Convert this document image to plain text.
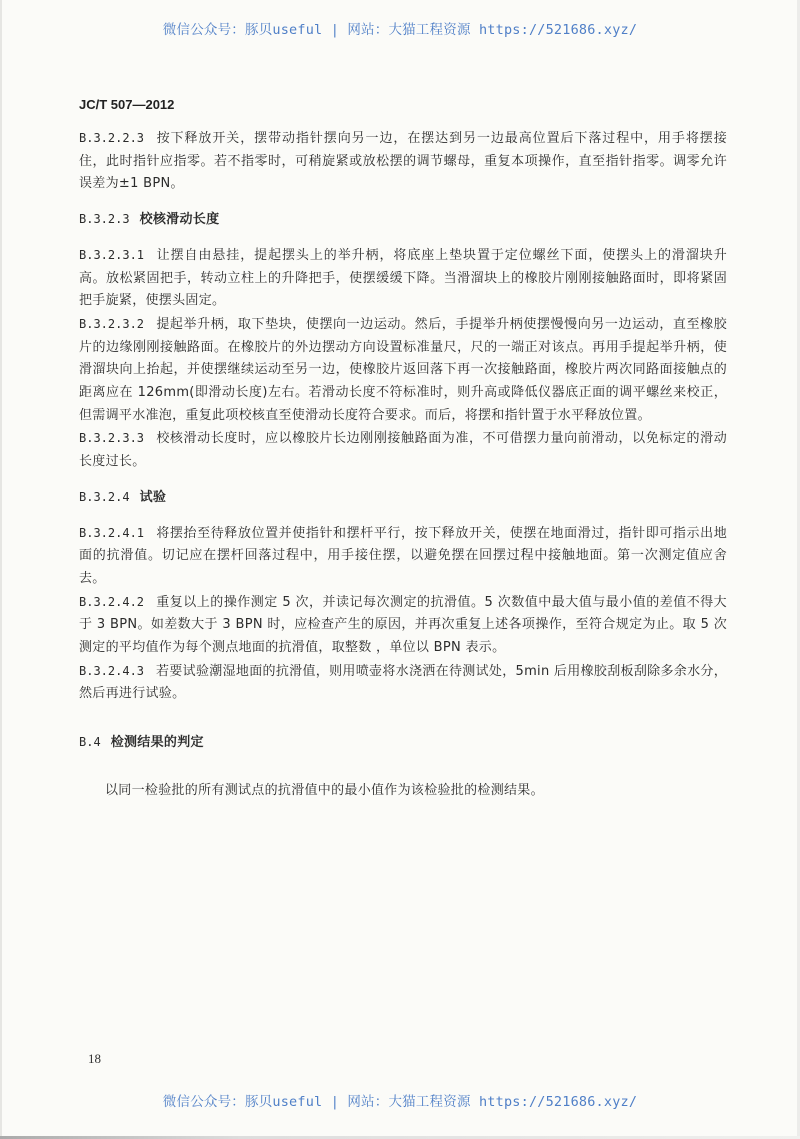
微信公众号：豚贝useful | 网站：大猫工程资源 https://521686.xyz/
JC/T 507—2012

B.3.2.2.3 按下释放开关，摆带动指针摆向另一边，在摆达到另一边最高位置后下落过程中，用手将摆接住，此时指针应指零。若不指零时，可稍旋紧或放松摆的调节螺母，重复本项操作，直至指针指零。调零允许误差为±1 BPN。

B.3.2.3 校核滑动长度

B.3.2.3.1 让摆自由悬挂，提起摆头上的举升柄，将底座上垫块置于定位螺丝下面，使摆头上的滑溜块升高。放松紧固把手，转动立柱上的升降把手，使摆缓缓下降。当滑溜块上的橡胶片刚刚接触路面时，即将紧固把手旋紧，使摆头固定。

B.3.2.3.2 提起举升柄，取下垫块，使摆向一边运动。然后，手提举升柄使摆慢慢向另一边运动，直至橡胶片的边缘刚刚接触路面。在橡胶片的外边摆动方向设置标准量尺，尺的一端正对该点。再用手提起举升柄，使滑溜块向上抬起，并使摆继续运动至另一边，使橡胶片返回落下再一次接触路面，橡胶片两次同路面接触点的距离应在 126mm(即滑动长度)左右。若滑动长度不符标准时，则升高或降低仪器底正面的调平螺丝来校正，但需调平水准泡，重复此项校核直至使滑动长度符合要求。而后，将摆和指针置于水平释放位置。

B.3.2.3.3 校核滑动长度时，应以橡胶片长边刚刚接触路面为准，不可借摆力量向前滑动，以免标定的滑动长度过长。

B.3.2.4 试验

B.3.2.4.1 将摆抬至待释放位置并使指针和摆杆平行，按下释放开关，使摆在地面滑过，指针即可指示出地面的抗滑值。切记应在摆杆回落过程中，用手接住摆，以避免摆在回摆过程中接触地面。第一次测定值应舍去。

B.3.2.4.2 重复以上的操作测定 5 次，并读记每次测定的抗滑值。5 次数值中最大值与最小值的差值不得大于 3 BPN。如差数大于 3 BPN 时，应检查产生的原因，并再次重复上述各项操作，至符合规定为止。取 5 次测定的平均值作为每个测点地面的抗滑值，取整数 ，单位以 BPN 表示。

B.3.2.4.3 若要试验潮湿地面的抗滑值，则用喷壶将水浇洒在待测试处，5min 后用橡胶刮板刮除多余水分，然后再进行试验。

B.4 检测结果的判定

以同一检验批的所有测试点的抗滑值中的最小值作为该检验批的检测结果。

18
微信公众号：豚贝useful | 网站：大猫工程资源 https://521686.xyz/
